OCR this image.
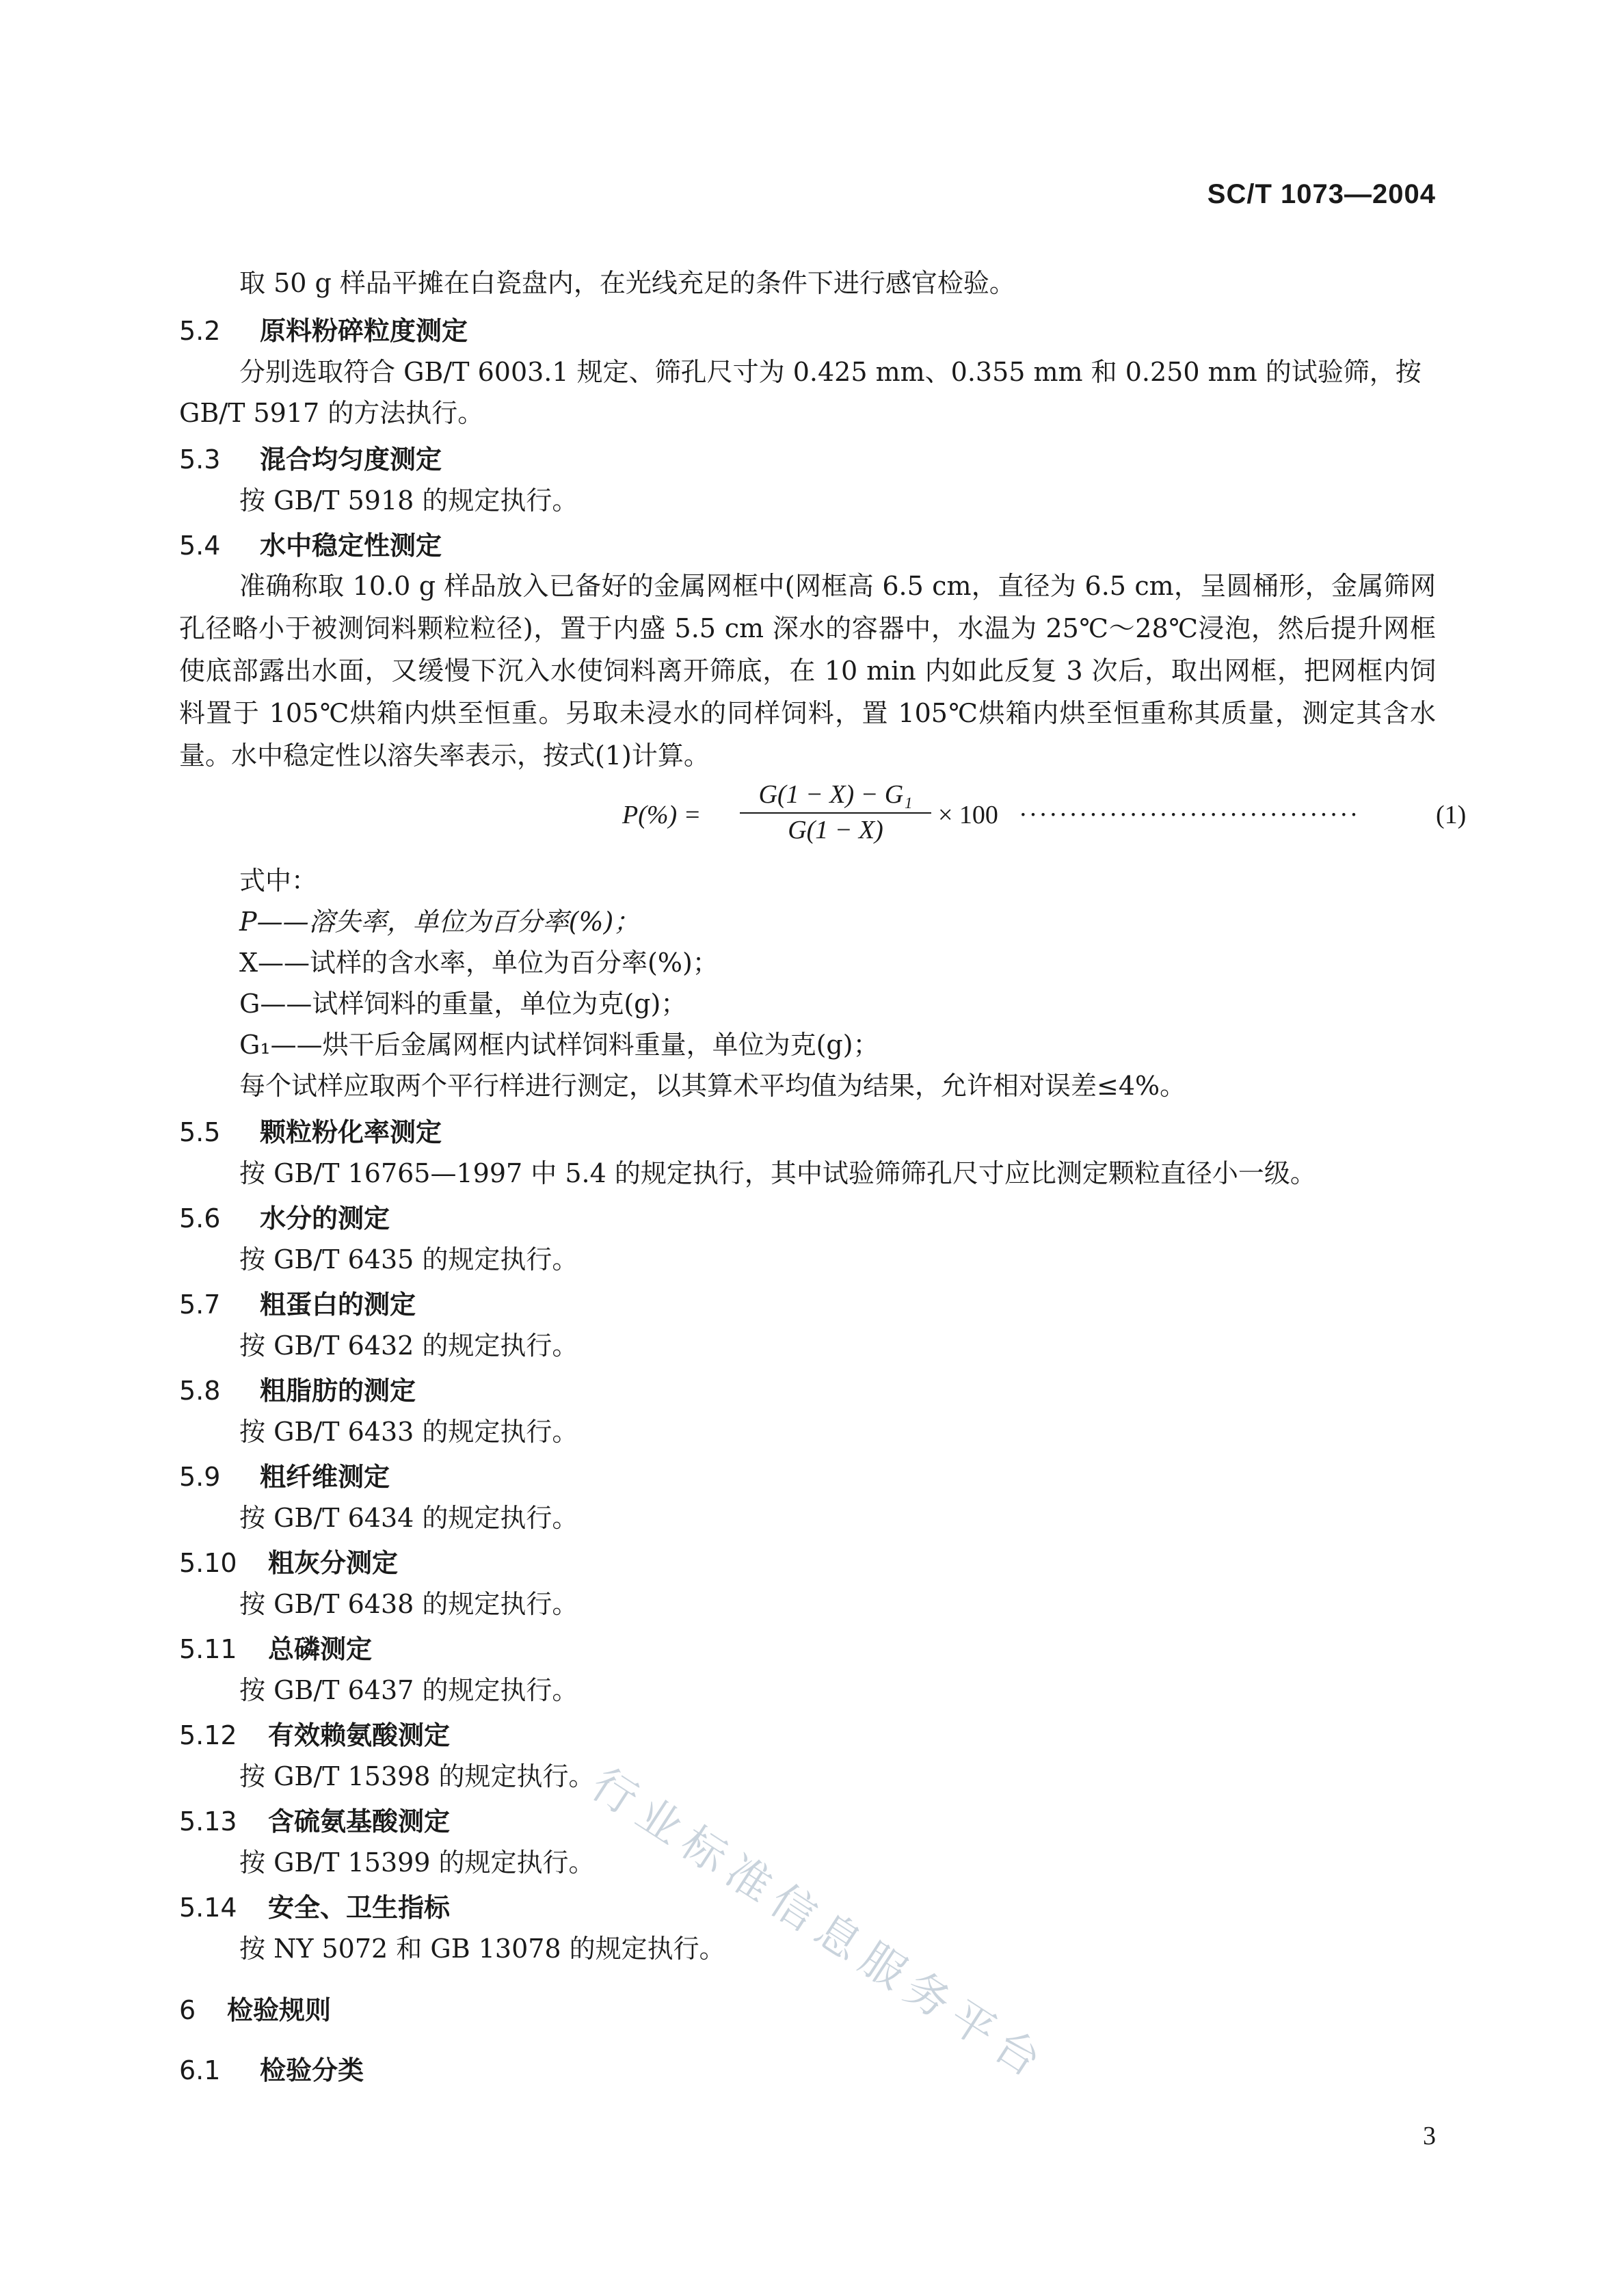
SC/T 1073—2004
取 50 g 样品平摊在白瓷盘内，在光线充足的条件下进行感官检验。
5.2 原料粉碎粒度测定
分别选取符合 GB/T 6003.1 规定、筛孔尺寸为 0.425 mm、0.355 mm 和 0.250 mm 的试验筛，按
GB/T 5917 的方法执行。
5.3 混合均匀度测定
按 GB/T 5918 的规定执行。
5.4 水中稳定性测定
准确称取 10.0 g 样品放入已备好的金属网框中(网框高 6.5 cm，直径为 6.5 cm，呈圆桶形，金属筛网孔径略小于被测饲料颗粒粒径)，置于内盛 5.5 cm 深水的容器中，水温为 25℃～28℃浸泡，然后提升网框使底部露出水面，又缓慢下沉入水使饲料离开筛底，在 10 min 内如此反复 3 次后，取出网框，把网框内饲料置于 105℃烘箱内烘至恒重。另取未浸水的同样饲料，置 105℃烘箱内烘至恒重称其质量，测定其含水量。水中稳定性以溶失率表示，按式(1)计算。
$P(\%) = \frac{\text{G(1 − X) − G₁}}{G(1 - X)} \times 100$ ··································	(1)
式中：
P——溶失率，单位为百分率(%)；
X——试样的含水率，单位为百分率(%)；
G——试样饲料的重量，单位为克(g)；
G₁——烘干后金属网框内试样饲料重量，单位为克(g)；
每个试样应取两个平行样进行测定，以其算术平均值为结果，允许相对误差≤4%。
5.5 颗粒粉化率测定
按 GB/T 16765—1997 中 5.4 的规定执行，其中试验筛筛孔尺寸应比测定颗粒直径小一级。
5.6 水分的测定
按 GB/T 6435 的规定执行。
5.7 粗蛋白的测定
按 GB/T 6432 的规定执行。
5.8 粗脂肪的测定
按 GB/T 6433 的规定执行。
5.9 粗纤维测定
按 GB/T 6434 的规定执行。
5.10 粗灰分测定
按 GB/T 6438 的规定执行。
5.11 总磷测定
按 GB/T 6437 的规定执行。
5.12 有效赖氨酸测定
按 GB/T 15398 的规定执行。
5.13 含硫氨基酸测定
按 GB/T 15399 的规定执行。
5.14 安全、卫生指标
按 NY 5072 和 GB 13078 的规定执行。
6 检验规则
6.1 检验分类	行业标准信息服务平台
3
